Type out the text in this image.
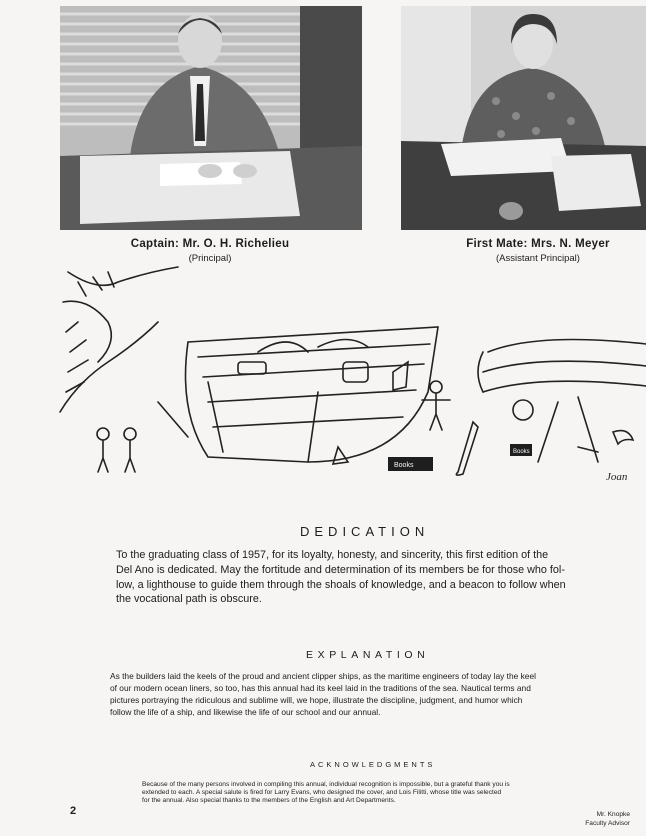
Captain: Mr. O. H. Richelieu
(Principal)
First Mate: Mrs. N. Meyer
(Assistant Principal)
Books
Books
Joan
DEDICATION
To the graduating class of 1957, for its loyalty, honesty, and sincerity, this first edition of the
Del Ano is dedicated. May the fortitude and determination of its members be for those who fol-
low, a lighthouse to guide them through the shoals of knowledge, and a beacon to follow when
the vocational path is obscure.
EXPLANATION
As the builders laid the keels of the proud and ancient clipper ships, as the maritime engineers of today lay the keel
of our modern ocean liners, so too, has this annual had its keel laid in the traditions of the sea. Nautical terms and
pictures portraying the ridiculous and sublime will, we hope, illustrate the discipline, judgment, and humor which
follow the life of a ship, and likewise the life of our school and our annual.
ACKNOWLEDGMENTS
Because of the many persons involved in compiling this annual, individual recognition is impossible, but a grateful thank you is
extended to each. A special salute is fired for Larry Evans, who designed the cover, and Lois Filitti, whose title was selected
for the annual. Also special thanks to the members of the English and Art Departments.
Mr. Knopke
Faculty Advisor
2
